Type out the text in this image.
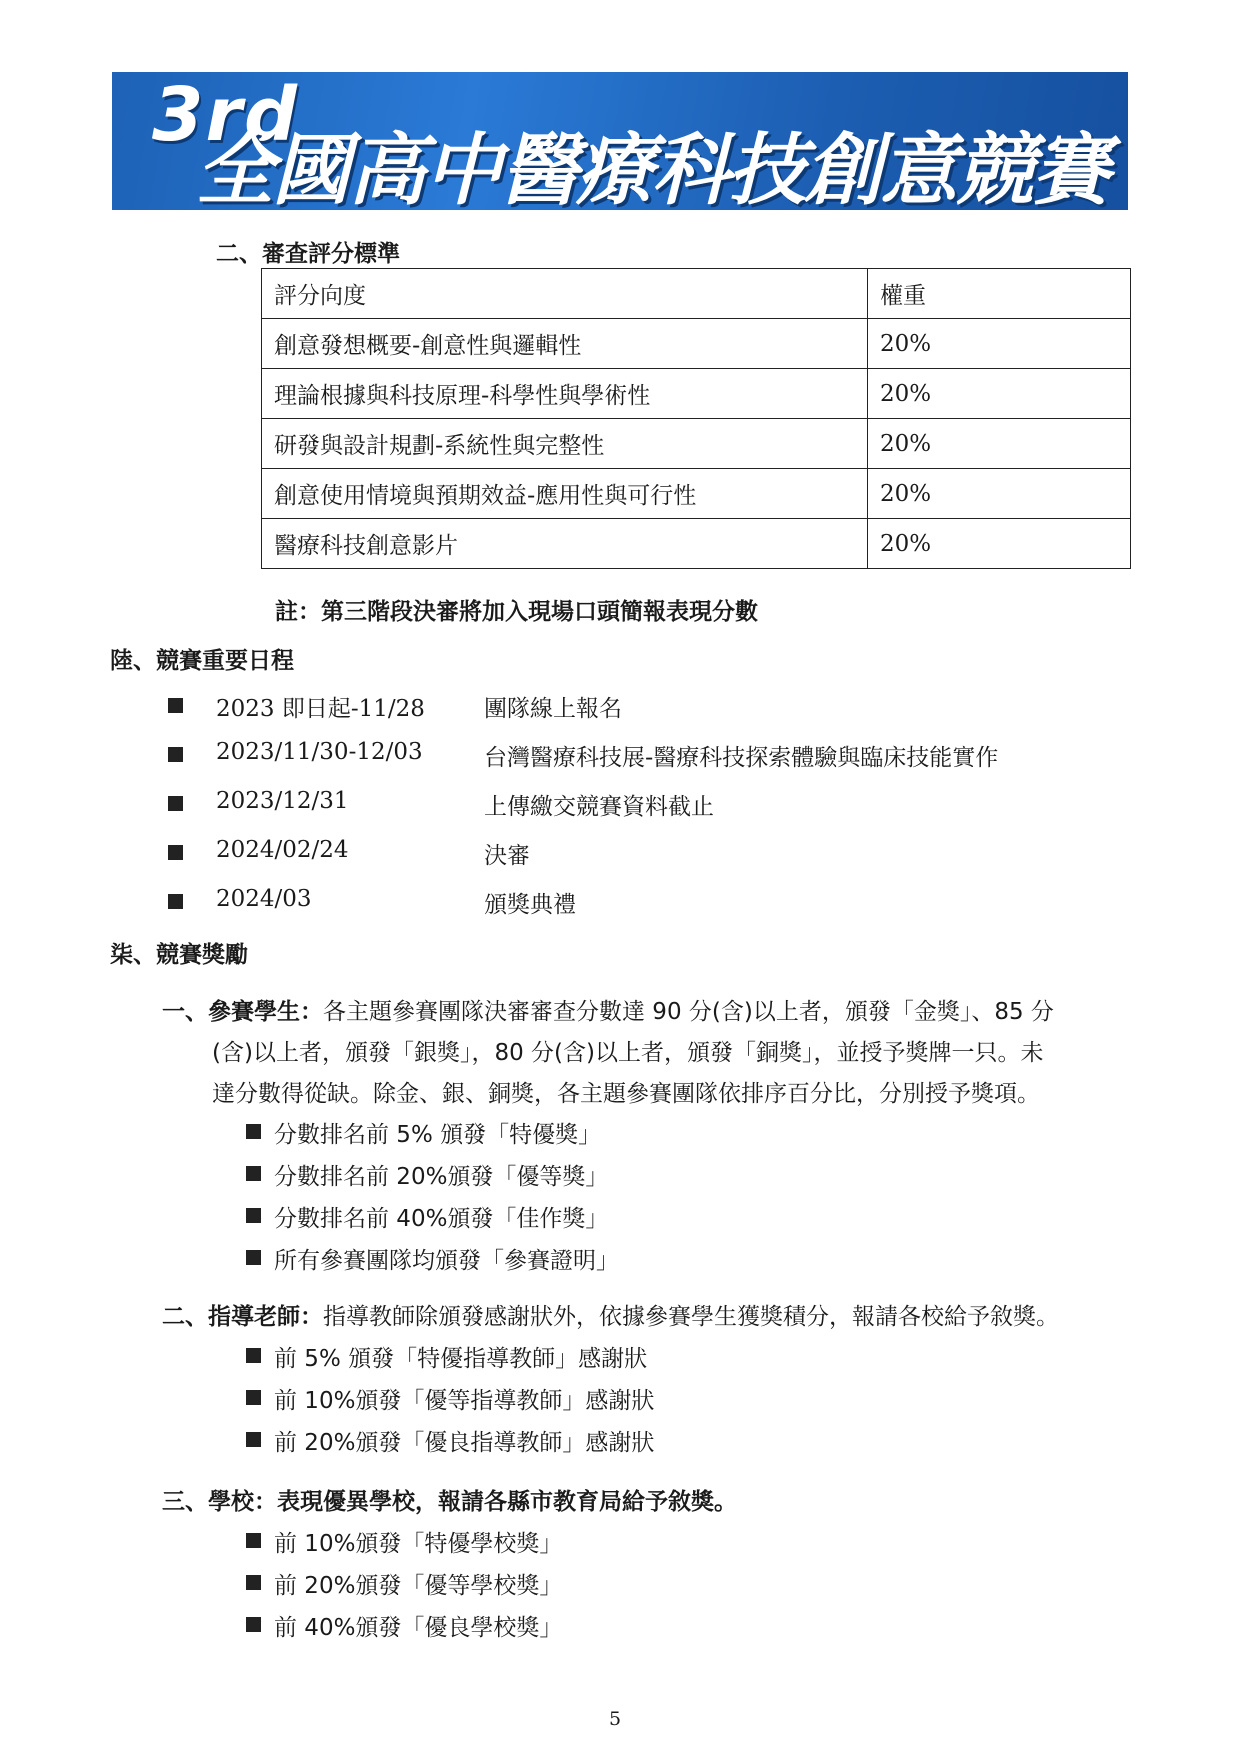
3rd
全國高中醫療科技創意競賽
二、審查評分標準
評分向度	權重
創意發想概要-創意性與邏輯性	20%
理論根據與科技原理-科學性與學術性	20%
研發與設計規劃-系統性與完整性	20%
創意使用情境與預期效益-應用性與可行性	20%
醫療科技創意影片	20%
註：第三階段決審將加入現場口頭簡報表現分數
陸、競賽重要日程
2023 即日起-11/28	團隊線上報名
2023/11/30-12/03	台灣醫療科技展-醫療科技探索體驗與臨床技能實作
2023/12/31	上傳繳交競賽資料截止
2024/02/24	決審
2024/03	頒獎典禮
柒、競賽獎勵
一、參賽學生：各主題參賽團隊決審審查分數達 90 分(含)以上者，頒發「金獎」、85 分
(含)以上者，頒發「銀獎」，80 分(含)以上者，頒發「銅獎」，並授予獎牌一只。未
達分數得從缺。除金、銀、銅獎，各主題參賽團隊依排序百分比，分別授予獎項。
分數排名前 5% 頒發「特優獎」
分數排名前 20%頒發「優等獎」
分數排名前 40%頒發「佳作獎」
所有參賽團隊均頒發「參賽證明」
二、指導老師：指導教師除頒發感謝狀外，依據參賽學生獲獎積分，報請各校給予敘獎。
前 5% 頒發「特優指導教師」感謝狀
前 10%頒發「優等指導教師」感謝狀
前 20%頒發「優良指導教師」感謝狀
三、學校：表現優異學校，報請各縣市教育局給予敘獎。
前 10%頒發「特優學校獎」
前 20%頒發「優等學校獎」
前 40%頒發「優良學校獎」
5
